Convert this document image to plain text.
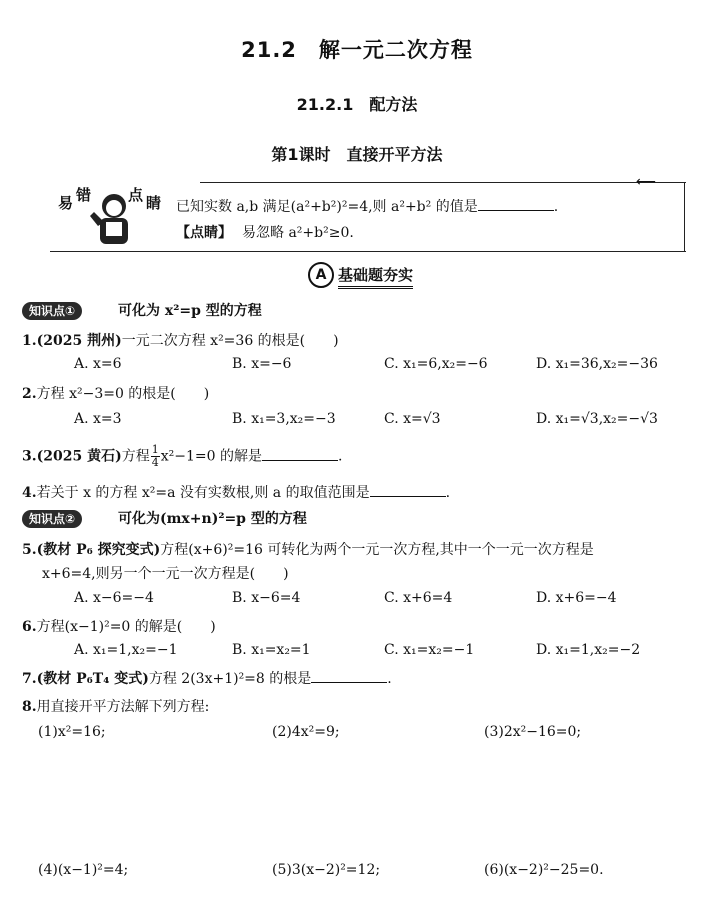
21.2　解一元二次方程
21.2.1　配方法
第1课时　直接开平方法
⟵
易 错 点 睛 已知实数 a,b 满足(a²+b²)²=4,则 a²+b² 的值是	.
【点睛】 易忽略 a²+b²≥0.
A 基础题夯实
知识点①	可化为 x²=p 型的方程
1.(2025 荆州)一元二次方程 x²=36 的根是(　　)
A. x=6	B. x=−6	C. x₁=6,x₂=−6	D. x₁=36,x₂=−36
2.方程 x²−3=0 的根是(　　)
A. x=3	B. x₁=3,x₂=−3	C. x=√3	D. x₁=√3,x₂=−√3
3.(2025 黄石)方程 $\frac{1}{4} x^2-1=0$ 的解是	.
4.若关于 x 的方程 x²=a 没有实数根,则 a 的取值范围是	.
知识点②	可化为(mx+n)²=p 型的方程
5.(教材 P₆ 探究变式)方程(x+6)²=16 可转化为两个一元一次方程,其中一个一元一次方程是
x+6=4,则另一个一元一次方程是(　　)
A. x−6=−4	B. x−6=4	C. x+6=4	D. x+6=−4
6.方程(x−1)²=0 的解是(　　)
A. x₁=1,x₂=−1	B. x₁=x₂=1	C. x₁=x₂=−1	D. x₁=1,x₂=−2
7.(教材 P₆T₄ 变式)方程 2(3x+1)²=8 的根是	.
8.用直接开平方法解下列方程:
(1)x²=16;	(2)4x²=9;	(3)2x²−16=0;
(4)(x−1)²=4;	(5)3(x−2)²=12;	(6)(x−2)²−25=0.
